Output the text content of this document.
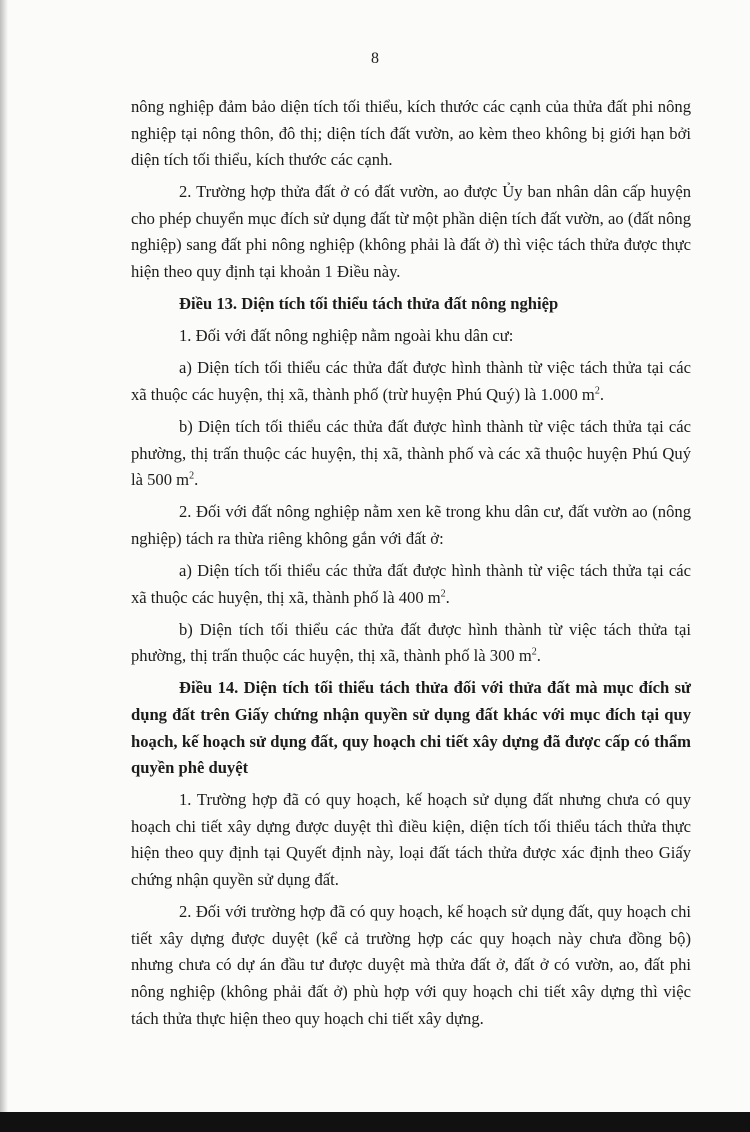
8

nông nghiệp đảm bảo diện tích tối thiểu, kích thước các cạnh của thửa đất phi nông nghiệp tại nông thôn, đô thị; diện tích đất vườn, ao kèm theo không bị giới hạn bởi diện tích tối thiểu, kích thước các cạnh.

2. Trường hợp thửa đất ở có đất vườn, ao được Ủy ban nhân dân cấp huyện cho phép chuyển mục đích sử dụng đất từ một phần diện tích đất vườn, ao (đất nông nghiệp) sang đất phi nông nghiệp (không phải là đất ở) thì việc tách thửa được thực hiện theo quy định tại khoản 1 Điều này.

Điều 13. Diện tích tối thiểu tách thửa đất nông nghiệp

1. Đối với đất nông nghiệp nằm ngoài khu dân cư:

a) Diện tích tối thiểu các thửa đất được hình thành từ việc tách thửa tại các xã thuộc các huyện, thị xã, thành phố (trừ huyện Phú Quý) là 1.000 $m^2$.

b) Diện tích tối thiểu các thửa đất được hình thành từ việc tách thửa tại các phường, thị trấn thuộc các huyện, thị xã, thành phố và các xã thuộc huyện Phú Quý là 500 $m^2$.

2. Đối với đất nông nghiệp nằm xen kẽ trong khu dân cư, đất vườn ao (nông nghiệp) tách ra thừa riêng không gắn với đất ở:

a) Diện tích tối thiểu các thửa đất được hình thành từ việc tách thửa tại các xã thuộc các huyện, thị xã, thành phố là 400 $m^2$.

b) Diện tích tối thiểu các thửa đất được hình thành từ việc tách thửa tại phường, thị trấn thuộc các huyện, thị xã, thành phố là 300 $m^2$.

Điều 14. Diện tích tối thiểu tách thửa đối với thửa đất mà mục đích sử dụng đất trên Giấy chứng nhận quyền sử dụng đất khác với mục đích tại quy hoạch, kế hoạch sử dụng đất, quy hoạch chi tiết xây dựng đã được cấp có thẩm quyền phê duyệt

1. Trường hợp đã có quy hoạch, kế hoạch sử dụng đất nhưng chưa có quy hoạch chi tiết xây dựng được duyệt thì điều kiện, diện tích tối thiểu tách thửa thực hiện theo quy định tại Quyết định này, loại đất tách thửa được xác định theo Giấy chứng nhận quyền sử dụng đất.

2. Đối với trường hợp đã có quy hoạch, kế hoạch sử dụng đất, quy hoạch chi tiết xây dựng được duyệt (kể cả trường hợp các quy hoạch này chưa đồng bộ) nhưng chưa có dự án đầu tư được duyệt mà thửa đất ở, đất ở có vườn, ao, đất phi nông nghiệp (không phải đất ở) phù hợp với quy hoạch chi tiết xây dựng thì việc tách thửa thực hiện theo quy hoạch chi tiết xây dựng.
